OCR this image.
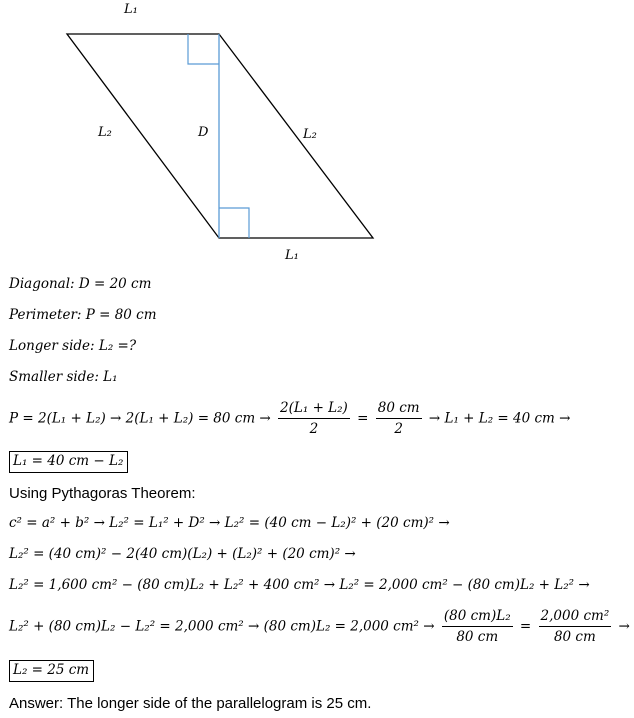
L₁
L₁
L₂	L₂
D
Diagonal: D = 20 cm
Perimeter: P = 80 cm
Longer side: L₂ =?
Smaller side: L₁
P = 2(L₁ + L₂) → 2(L₁ + L₂) = 80 cm → $\frac{\text{2(L₁ + L₂)}}{2} = \frac{80 cm}{2} \to L_1 + L_2 = 40$ cm →
L₁ = 40 cm − L₂
Using Pythagoras Theorem:
c² = a² + b² → L₂² = L₁² + D² → L₂² = (40 cm − L₂)² + (20 cm)² →
L₂² = (40 cm)² − 2(40 cm)(L₂) + (L₂)² + (20 cm)² →
L₂² = 1,600 cm² − (80 cm)L₂ + L₂² + 400 cm² → L₂² = 2,000 cm² − (80 cm)L₂ + L₂² →
L₂² + (80 cm)L₂ − L₂² = 2,000 cm² → (80 cm)L₂ = 2,000 $cm^2 \to \frac{\text{(80 cm)L₂}}{80 cm} = \frac{\text{2,000 cm²}}{80 cm}$ →
L₂ = 25 cm
Answer: The longer side of the parallelogram is 25 cm.
